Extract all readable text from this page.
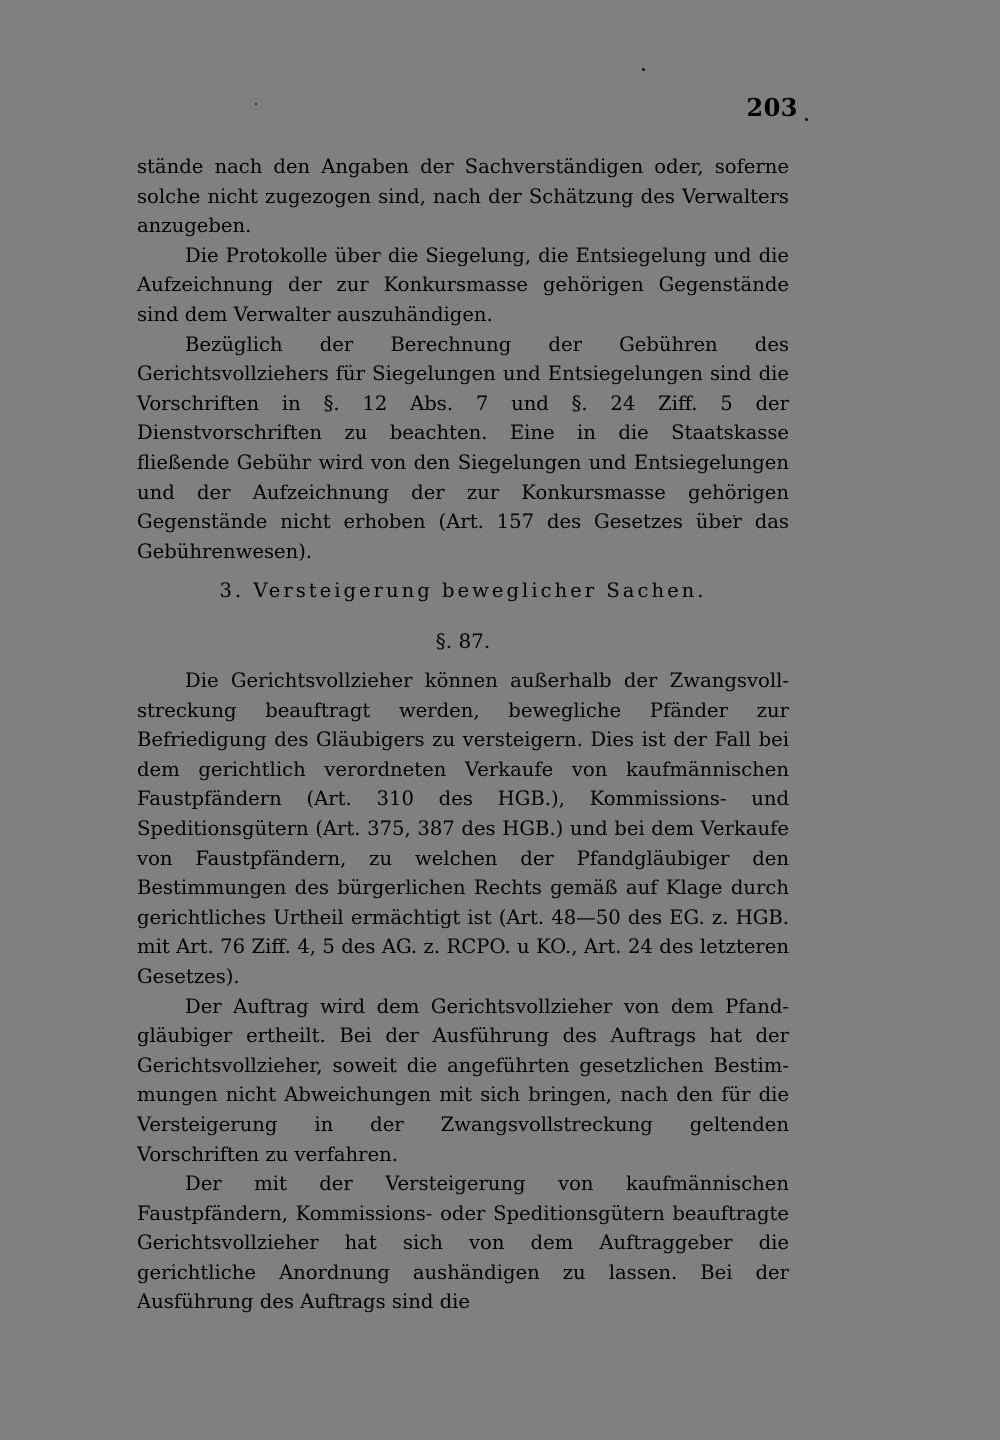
203

stände nach den Angaben der Sachverständigen oder, soferne solche nicht zugezogen sind, nach der Schätzung des Verwalters anzugeben.

Die Protokolle über die Siegelung, die Entsiegelung und die Aufzeichnung der zur Konkursmasse gehörigen Gegenstände sind dem Verwalter auszuhändigen.

Bezüglich der Berechnung der Gebühren des Gerichtsvollziehers für Siegelungen und Entsiegelungen sind die Vorschriften in §. 12 Abs. 7 und §. 24 Ziff. 5 der Dienstvorschriften zu beachten. Eine in die Staatskasse fließende Gebühr wird von den Siegelungen und Entsiegelungen und der Aufzeichnung der zur Konkursmasse gehörigen Gegenstände nicht erhoben (Art. 157 des Gesetzes über das Gebührenwesen).

3. Versteigerung beweglicher Sachen.
§. 87.

Die Gerichtsvollzieher können außerhalb der Zwangsvollstreckung beauftragt werden, bewegliche Pfänder zur Befriedigung des Gläubigers zu versteigern. Dies ist der Fall bei dem gerichtlich verordneten Verkaufe von kaufmännischen Faustpfändern (Art. 310 des HGB.), Kommissions- und Speditionsgütern (Art. 375, 387 des HGB.) und bei dem Verkaufe von Faustpfändern, zu welchen der Pfandgläubiger den Bestimmungen des bürgerlichen Rechts gemäß auf Klage durch gerichtliches Urtheil ermächtigt ist (Art. 48—50 des EG. z. HGB. mit Art. 76 Ziff. 4, 5 des AG. z. RCPO. u KO., Art. 24 des letzteren Gesetzes).

Der Auftrag wird dem Gerichtsvollzieher von dem Pfandgläubiger ertheilt. Bei der Ausführung des Auftrags hat der Gerichtsvollzieher, soweit die angeführten gesetzlichen Bestimmungen nicht Abweichungen mit sich bringen, nach den für die Versteigerung in der Zwangsvollstreckung geltenden Vorschriften zu verfahren.

Der mit der Versteigerung von kaufmännischen Faustpfändern, Kommissions- oder Speditionsgütern beauftragte Gerichtsvollzieher hat sich von dem Auftraggeber die gerichtliche Anordnung aushändigen zu lassen. Bei der Ausführung des Auftrags sind die
